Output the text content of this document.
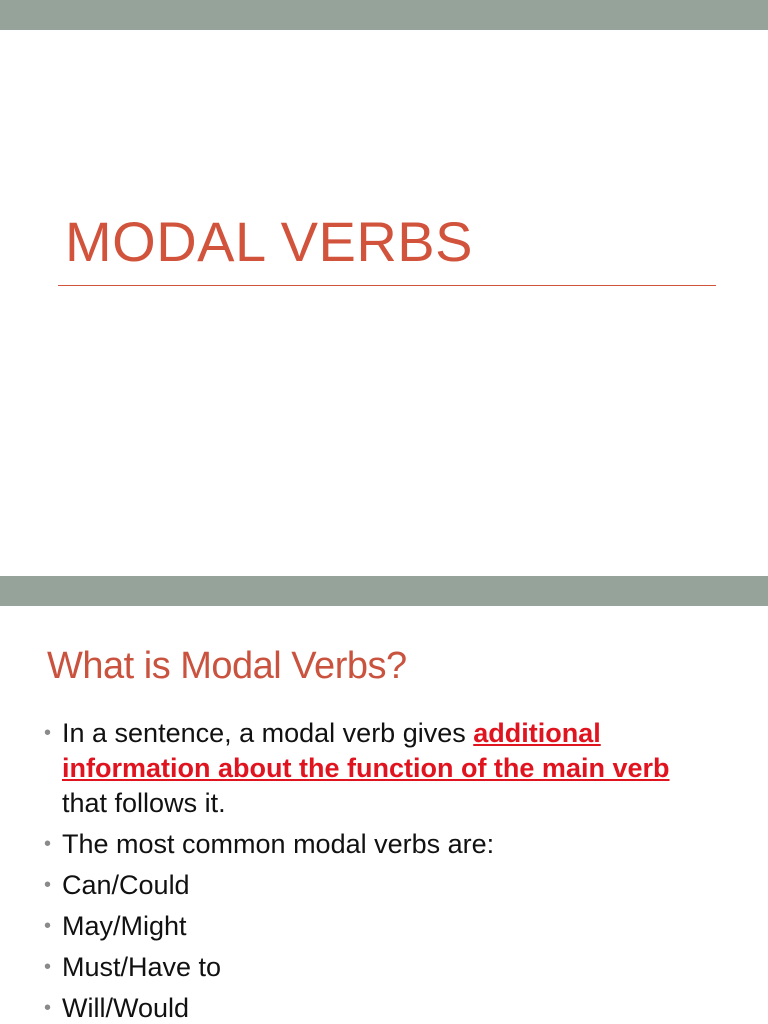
MODAL VERBS
What is Modal Verbs?
• In a sentence, a modal verb gives additional information about the function of the main verb that follows it.
• The most common modal verbs are:
• Can/Could
• May/Might
• Must/Have to
• Will/Would
